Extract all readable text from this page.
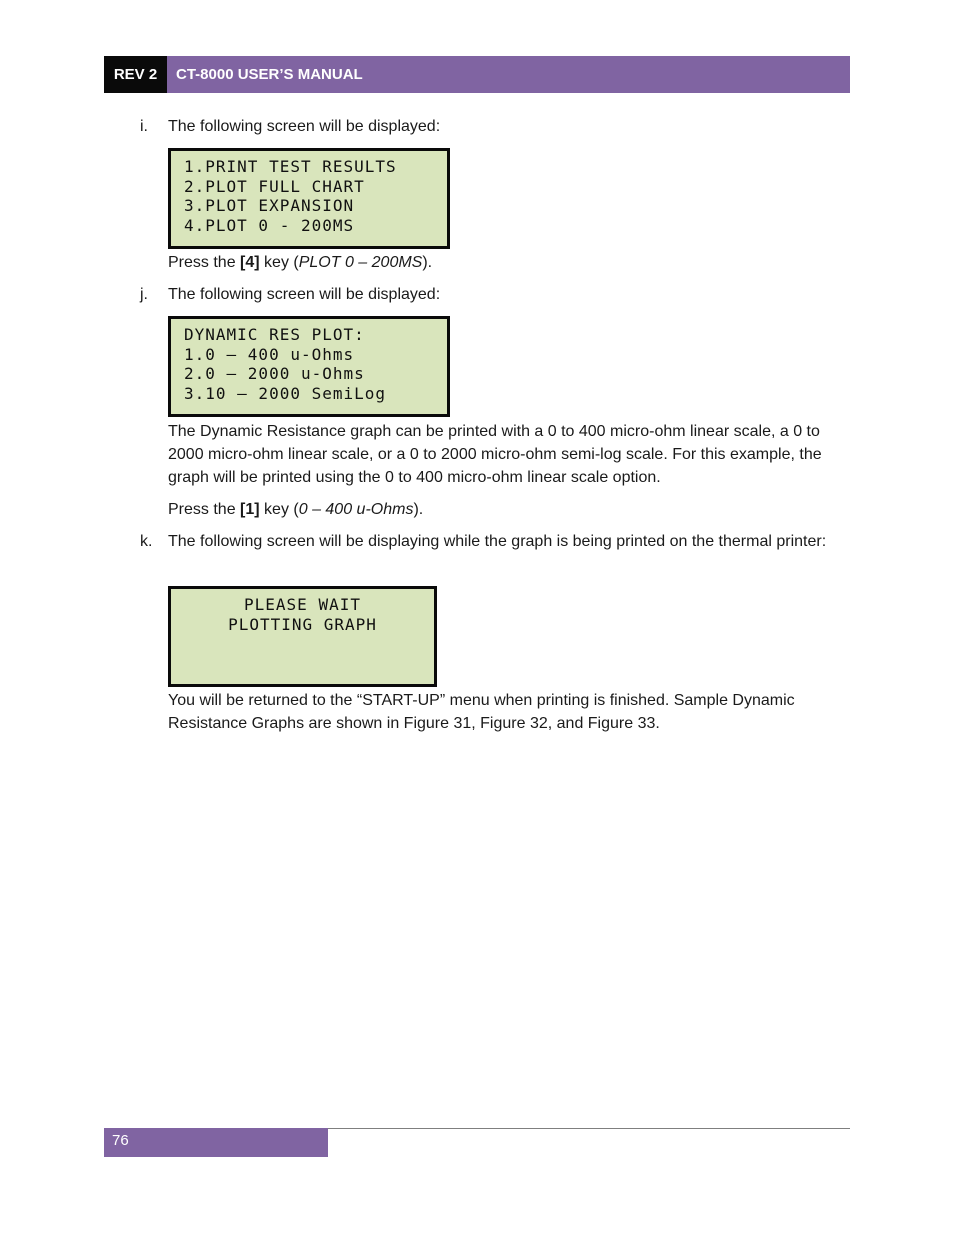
REV 2	CT-8000 USER’S MANUAL
i. The following screen will be displayed:
1.PRINT TEST RESULTS
2.PLOT FULL CHART
3.PLOT EXPANSION
4.PLOT 0 - 200MS
Press the [4] key (PLOT 0 – 200MS).
j. The following screen will be displayed:
DYNAMIC RES PLOT:
1.0 – 400 u-Ohms
2.0 – 2000 u-Ohms
3.10 – 2000 SemiLog
The Dynamic Resistance graph can be printed with a 0 to 400 micro-ohm linear scale, a 0 to 2000 micro-ohm linear scale, or a 0 to 2000 micro-ohm semi-log scale. For this example, the graph will be printed using the 0 to 400 micro-ohm linear scale option.
Press the [1] key (0 – 400 u-Ohms).
k. The following screen will be displaying while the graph is being printed on the thermal printer:
PLEASE WAIT
PLOTTING GRAPH
You will be returned to the “START-UP” menu when printing is finished. Sample Dynamic Resistance Graphs are shown in Figure 31, Figure 32, and Figure 33.
76
